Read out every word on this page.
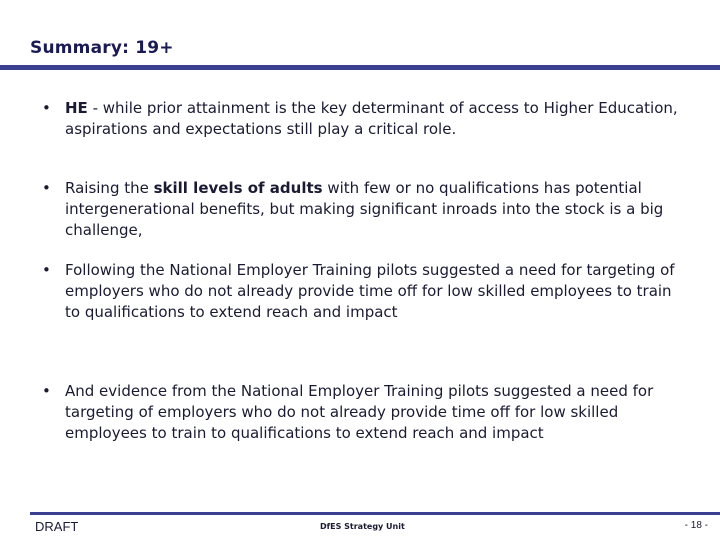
Summary: 19+
• HE - while prior attainment is the key determinant of access to Higher Education, aspirations and expectations still play a critical role.
• Raising the skill levels of adults with few or no qualifications has potential intergenerational benefits, but making significant inroads into the stock is a big challenge,
• Following the National Employer Training pilots suggested a need for targeting of employers who do not already provide time off for low skilled employees to train to qualifications to extend reach and impact
• And evidence from the National Employer Training pilots suggested a need for targeting of employers who do not already provide time off for low skilled employees to train to qualifications to extend reach and impact
DRAFT	DfES Strategy Unit	- 18 -
